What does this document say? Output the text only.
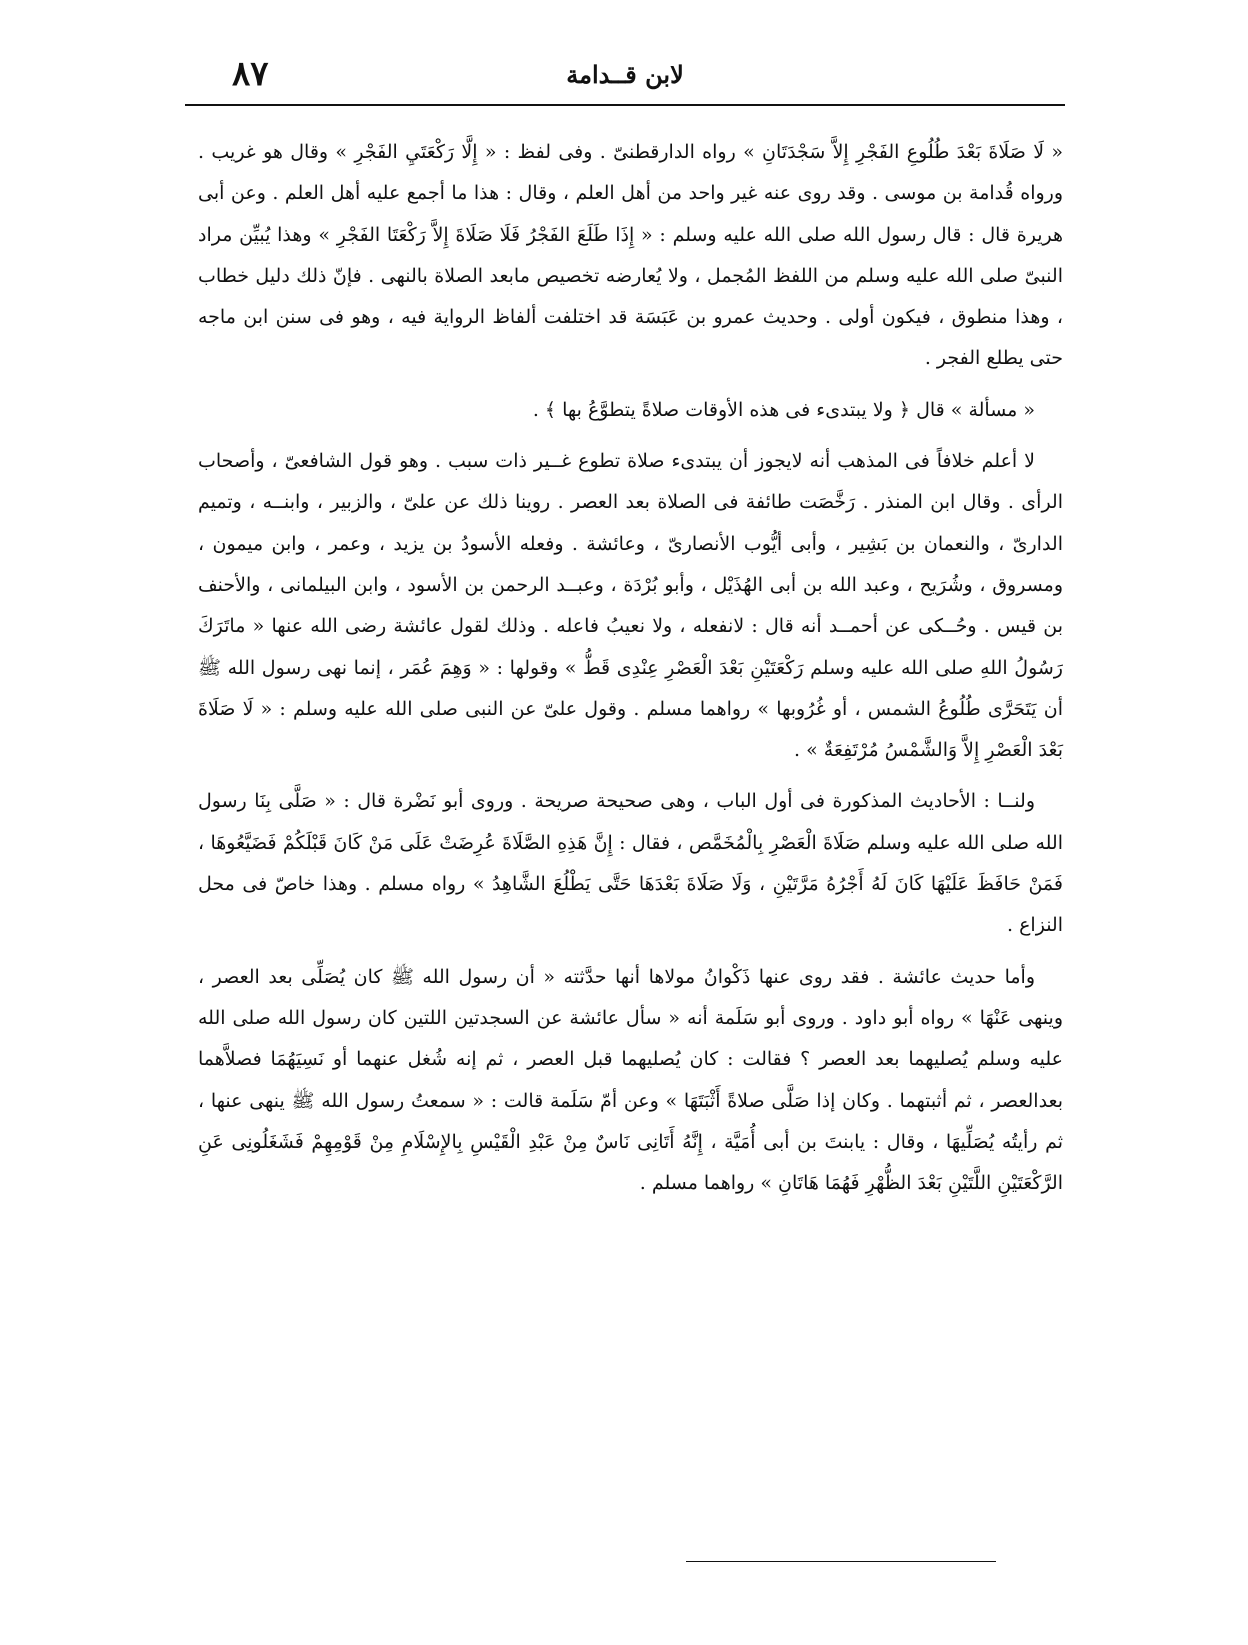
٨٧	لابن قــدامة

« لَا صَلَاةَ بَعْدَ طُلُوعِ الفَجْرِ إِلاَّ سَجْدَتَانِ » رواه الدارقطنىّ . وفى لفظ : « إِلَّا رَكْعَتَيِ الفَجْرِ » وقال هو غريب . ورواه قُدامة بن موسى . وقد روى عنه غير واحد من أهل العلم ، وقال : هذا ما أجمع عليه أهل العلم . وعن أبى هريرة قال : قال رسول الله صلى الله عليه وسلم : « إِذَا طَلَعَ الفَجْرُ فَلَا صَلَاةَ إِلاَّ رَكْعَتَا الفَجْرِ » وهذا يُبيِّن مراد النبىّ صلى الله عليه وسلم من اللفظ المُجمل ، ولا يُعارضه تخصيص مابعد الصلاة بالنهى . فإنّ ذلك دليل خطاب ، وهذا منطوق ، فيكون أولى . وحديث عمرو بن عَبَسَة قد اختلفت ألفاظ الرواية فيه ، وهو فى سنن ابن ماجه حتى يطلع الفجر .

« مسألة » قال ﴿ ولا يبتدىء فى هذه الأوقات صلاةً يتطوَّعُ بها ﴾ .

لا أعلم خلافاً فى المذهب أنه لايجوز أن يبتدىء صلاة تطوع غــير ذات سبب . وهو قول الشافعىّ ، وأصحاب الرأى . وقال ابن المنذر . رَخَّصَت طائفة فى الصلاة بعد العصر . روينا ذلك عن علىّ ، والزبير ، وابنــه ، وتميم الدارىّ ، والنعمان بن بَشِير ، وأبى أيُّوب الأنصارىّ ، وعائشة . وفعله الأسودُ بن يزيد ، وعمر ، وابن ميمون ، ومسروق ، وشُرَيح ، وعبد الله بن أبى الهُذَيْل ، وأبو بُرْدَة ، وعبــد الرحمن بن الأسود ، وابن البيلمانى ، والأحنف بن قيس . وحُــكى عن أحمــد أنه قال : لانفعله ، ولا نعيبُ فاعله . وذلك لقول عائشة رضى الله عنها « ماتَرَكَ رَسُولُ اللهِ صلى الله عليه وسلم رَكْعَتَيْنِ بَعْدَ الْعَصْرِ عِنْدِى قَطُّ » وقولها : « وَهِمَ عُمَر ، إنما نهى رسول الله ﷺ أن يَتَحَرَّى طُلُوعُ الشمس ، أو غُرُوبها » رواهما مسلم . وقول علىّ عن النبى صلى الله عليه وسلم : « لَا صَلَاةَ بَعْدَ الْعَصْرِ إِلاَّ وَالشَّمْسُ مُرْتَفِعَةٌ » .

ولنــا : الأحاديث المذكورة فى أول الباب ، وهى صحيحة صريحة . وروى أبو نَضْرة قال : « صَلَّى بِنَا رسول الله صلى الله عليه وسلم صَلَاةَ الْعَصْرِ بِالْمُخَمَّص ، فقال : إِنَّ هَذِهِ الصَّلَاةَ عُرِضَتْ عَلَى مَنْ كَانَ قَبْلَكُمْ فَضَيَّعُوهَا ، فَمَنْ حَافَظَ عَلَيْهَا كَانَ لَهُ أَجْرُهُ مَرَّتَيْنِ ، وَلَا صَلَاةَ بَعْدَهَا حَتَّى يَطْلُعَ الشَّاهِدُ » رواه مسلم . وهذا خاصّ فى محل النزاع .

وأما حديث عائشة . فقد روى عنها ذَكْوانُ مولاها أنها حدَّثته « أن رسول الله ﷺ كان يُصَلِّى بعد العصر ، وينهى عَنْهَا » رواه أبو داود . وروى أبو سَلَمة أنه « سأل عائشة عن السجدتين اللتين كان رسول الله صلى الله عليه وسلم يُصليهما بعد العصر ؟ فقالت : كان يُصليهما قبل العصر ، ثم إنه شُغل عنهما أو نَسِيَهُمَا فصلاَّهما بعدالعصر ، ثم أثبتهما . وكان إذا صَلَّى صلاةً أَثْبَتَهَا » وعن أمّ سَلَمة قالت : « سمعتُ رسول الله ﷺ ينهى عنها ، ثم رأيتُه يُصَلِّيهَا ، وقال : يابنتَ بن أبى أُمَيَّة ، إِنَّهُ أَتَانِى نَاسٌ مِنْ عَبْدِ الْقَيْسِ بِالإِسْلَامِ مِنْ قَوْمِهِمْ فَشَغَلُونِى عَنِ الرَّكْعَتَيْنِ اللَّتَيْنِ بَعْدَ الظُّهْرِ فَهُمَا هَاتَانِ » رواهما مسلم .
